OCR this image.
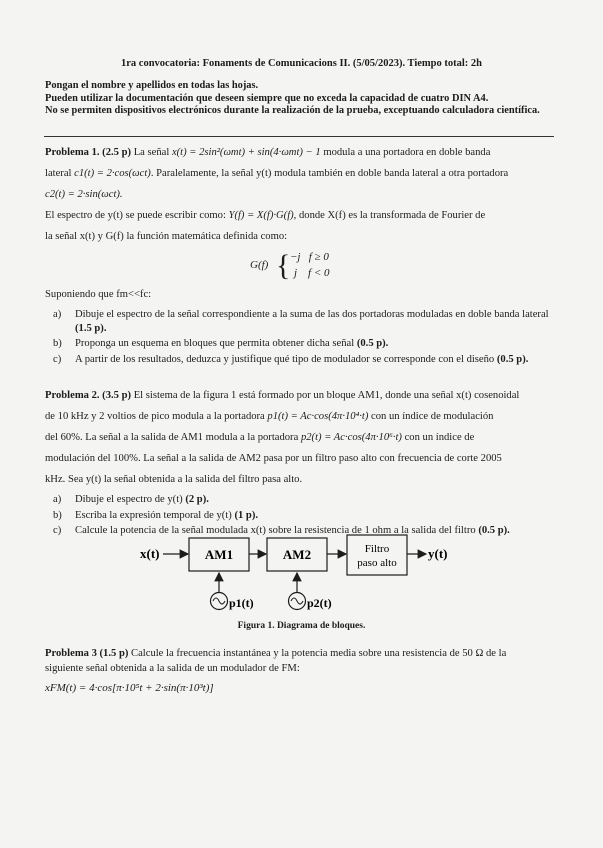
1ra convocatoria: Fonaments de Comunicacions II. (5/05/2023). Tiempo total: 2h
Pongan el nombre y apellidos en todas las hojas.
Pueden utilizar la documentación que deseen siempre que no exceda la capacidad de cuatro DIN A4.
No se permiten dispositivos electrónicos durante la realización de la prueba, exceptuando calculadora científica.
Problema 1. (2.5 p) La señal x(t) = 2sin²(ωmt) + sin(4·ωmt) − 1 modula a una portadora en doble banda
lateral c1(t) = 2·cos(ωct). Paralelamente, la señal y(t) modula también en doble banda lateral a otra portadora
c2(t) = 2·sin(ωct).
El espectro de y(t) se puede escribir como: Y(f) = X(f)·G(f), donde X(f) es la transformada de Fourier de
la señal x(t) y G(f) la función matemática definida como:
G(f) { −j   f ≥ 0
j    f < 0
Suponiendo que fm<<fc:
a) Dibuje el espectro de la señal correspondiente a la suma de las dos portadoras moduladas en doble banda lateral (1.5 p).
b) Proponga un esquema en bloques que permita obtener dicha señal (0.5 p).
c) A partir de los resultados, deduzca y justifique qué tipo de modulador se corresponde con el diseño (0.5 p).
Problema 2. (3.5 p) El sistema de la figura 1 está formado por un bloque AM1, donde una señal x(t) cosenoidal
de 10 kHz y 2 voltios de pico modula a la portadora p1(t) = Ac·cos(4π·10⁴·t) con un índice de modulación
del 60%. La señal a la salida de AM1 modula a la portadora p2(t) = Ac·cos(4π·10⁶·t) con un índice de
modulación del 100%. La señal a la salida de AM2 pasa por un filtro paso alto con frecuencia de corte 2005
kHz. Sea y(t) la señal obtenida a la salida del filtro pasa alto.
a) Dibuje el espectro de y(t) (2 p).
b) Escriba la expresión temporal de y(t) (1 p).
c) Calcule la potencia de la señal modulada x(t) sobre la resistencia de 1 ohm a la salida del filtro (0.5 p).
x(t)	AM1	AM2	Filtro
paso alto
y(t)
p1(t)	p2(t)
Figura 1. Diagrama de bloques.
Problema 3 (1.5 p) Calcule la frecuencia instantánea y la potencia media sobre una resistencia de 50 Ω de la
siguiente señal obtenida a la salida de un modulador de FM:
xFM(t) = 4·cos[π·10⁵t + 2·sin(π·10³t)]
